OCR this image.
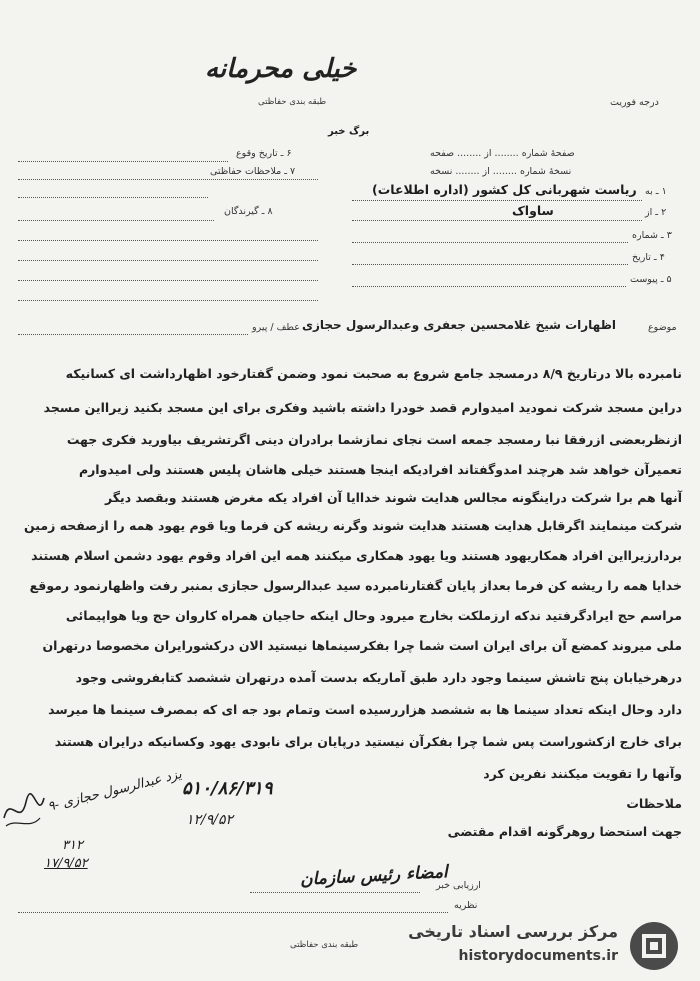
خیلی محرمانه
طبقه بندی حفاظتی	درجه فوریت
برگ خبر
۶ ـ تاریخ وقوع
۷ ـ ملاحظات حفاظتی
۸ ـ گیرندگان
صفحهٔ شماره ........ از ........ صفحه
نسخهٔ شماره ........ از ........ نسخه
۱ ـ به
ریاست شهربانی کل کشور (اداره اطلاعات)
۲ ـ از
ساواک
۳ ـ شماره
۴ ـ تاریخ
۵ ـ پیوست
عطف / پیرو	موضوع
اظهارات شیخ غلامحسین جعفری وعبدالرسول حجازی
نامبرده بالا درتاریخ ۸/۹ درمسجد جامع شروع به صحبت نمود وضمن گفتارخود اظهارداشت ای کسانیکه
دراین مسجد شرکت نمودید امیدوارم قصد خودرا داشته باشید وفکری برای این مسجد بکنید زیرااین مسجد
ازنظربعضی ازرفقا نبا رمسجد جمعه است نجای نمازشما برادران دینی اگرتشریف بیاورید فکری جهت
تعمیرآن خواهد شد هرچند امدوگفتاند افرادیکه اینجا هستند خیلی هاشان پلیس هستند ولی امیدوارم
آنها هم برا شرکت دراینگونه مجالس هدایت شوند خداایا آن افراد یکه مغرض هستند وبقصد دیگر
شرکت مینمایند اگرقابل هدایت هستند هدایت شوند وگرنه ریشه کن فرما ویا قوم یهود همه را ازصفحه زمین
بردارزیرااین افراد همکاریهود هستند ویا یهود همکاری میکنند همه این افراد وقوم یهود دشمن اسلام هستند
خدایا همه را ریشه کن فرما بعداز پایان گفتارنامبرده سید عبدالرسول حجازی بمنبر رفت واظهارنمود رموقع
مراسم حج ایرادگرفتید ندکه ارزملکت بخارج میرود وحال اینکه حاجیان همراه کاروان حج ویا هواپیمائی
ملی میروند کمضع آن برای ایران است شما چرا بفکرسینماها نیستید الان درکشورایران مخصوصا درتهران
درهرخیابان پنج تاشش سینما وجود دارد طبق آماریکه بدست آمده درتهران ششصد کتابفروشی وجود
دارد وحال اینکه تعداد سینما ها به ششصد هزاررسیده است وتمام بود جه ای که بمصرف سینما ها میرسد
برای خارج ازکشوراست پس شما چرا بفکرآن نیستید درپایان برای نابودی یهود وکسانیکه درایران هستند
وآنها را تقویت میکنند نفرین کرد
۵۱۰/۸۶/۳۱۹
۱۲/۹/۵۲
ملاحظات
جهت استحضا روهرگونه اقدام مقتضی
۹- یزد عبدالرسول حجازی
۳۱۲
۱۷/۹/۵۲	امضاء رئیس سازمان
ارزیابی خبر
نظریه
طبقه بندی حفاظتی
مرکز بررسی اسناد تاریخی
historydocuments.ir
